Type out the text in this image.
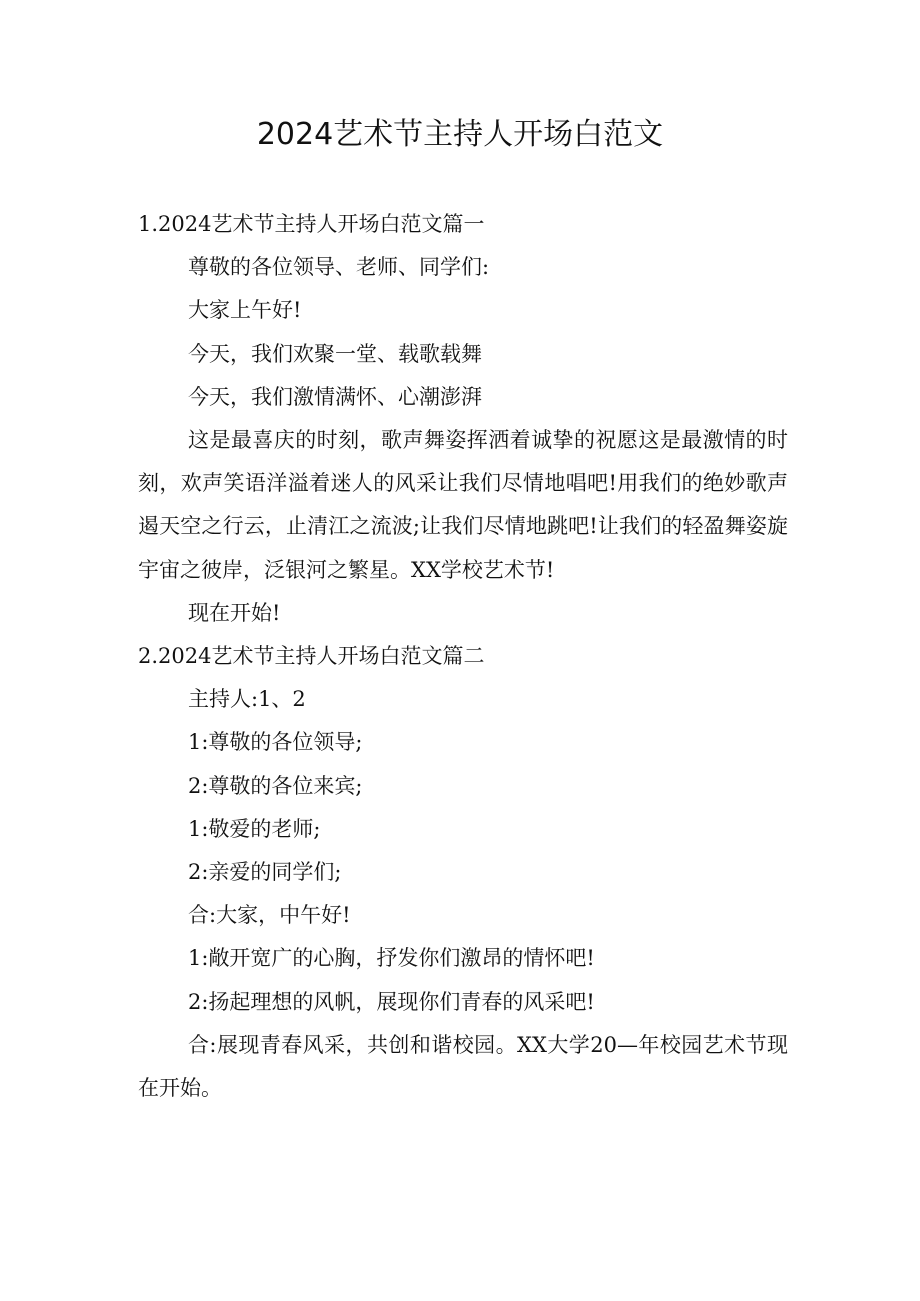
2024艺术节主持人开场白范文

1.2024艺术节主持人开场白范文篇一

尊敬的各位领导、老师、同学们:

大家上午好!

今天，我们欢聚一堂、载歌载舞

今天，我们激情满怀、心潮澎湃

这是最喜庆的时刻，歌声舞姿挥洒着诚挚的祝愿这是最激情的时刻，欢声笑语洋溢着迷人的风采让我们尽情地唱吧!用我们的绝妙歌声遏天空之行云，止清江之流波;让我们尽情地跳吧!让我们的轻盈舞姿旋宇宙之彼岸，泛银河之繁星。XX学校艺术节!

现在开始!

2.2024艺术节主持人开场白范文篇二

主持人:1、2

1:尊敬的各位领导;

2:尊敬的各位来宾;

1:敬爱的老师;

2:亲爱的同学们;

合:大家，中午好!

1:敞开宽广的心胸，抒发你们激昂的情怀吧!

2:扬起理想的风帆，展现你们青春的风采吧!

合:展现青春风采，共创和谐校园。XX大学20—年校园艺术节现在开始。
